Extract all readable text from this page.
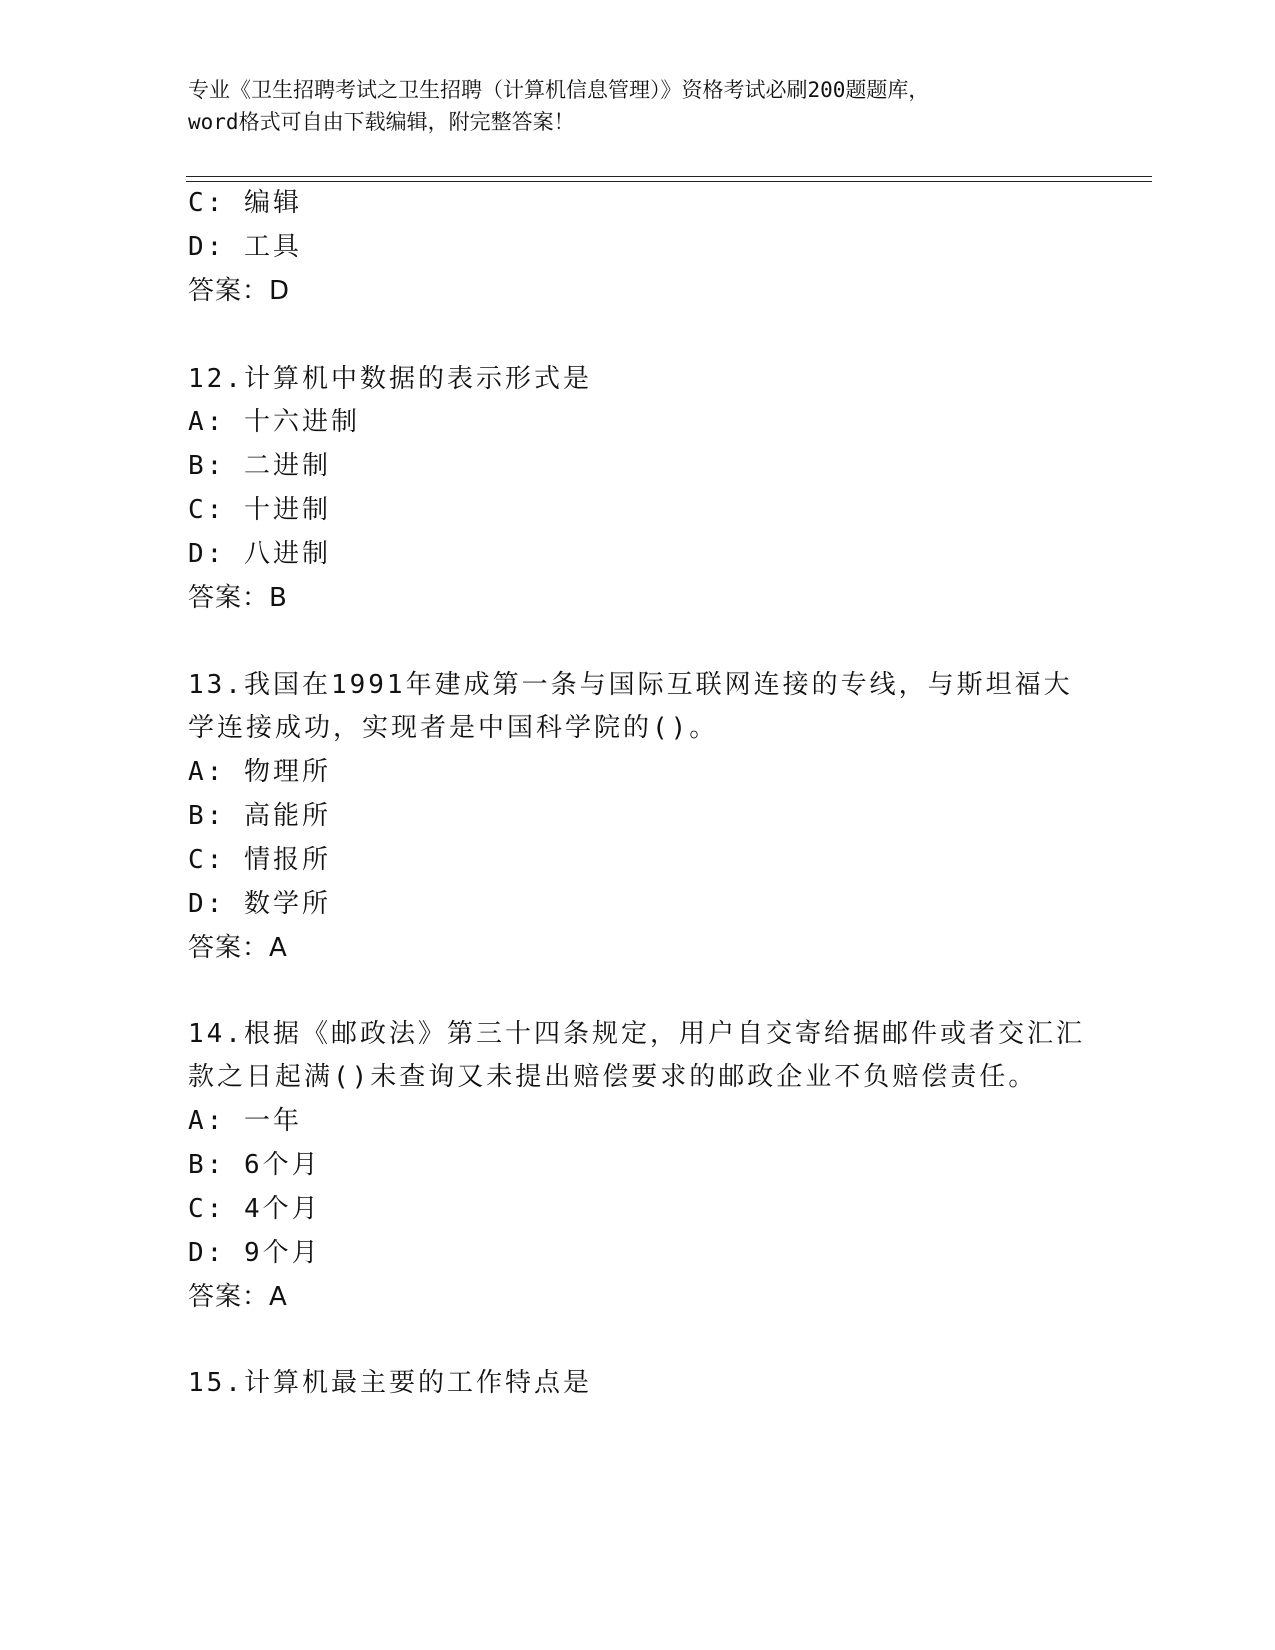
专业《卫生招聘考试之卫生招聘（计算机信息管理）》资格考试必刷200题题库，
word格式可自由下载编辑，附完整答案！
C: 编辑
D: 工具
答案：D
12.计算机中数据的表示形式是
A: 十六进制
B: 二进制
C: 十进制
D: 八进制
答案：B
13.我国在1991年建成第一条与国际互联网连接的专线，与斯坦福大
学连接成功，实现者是中国科学院的()。
A: 物理所
B: 高能所
C: 情报所
D: 数学所
答案：A
14.根据《邮政法》第三十四条规定，用户自交寄给据邮件或者交汇汇
款之日起满()未查询又未提出赔偿要求的邮政企业不负赔偿责任。
A: 一年
B: 6个月
C: 4个月
D: 9个月
答案：A
15.计算机最主要的工作特点是
